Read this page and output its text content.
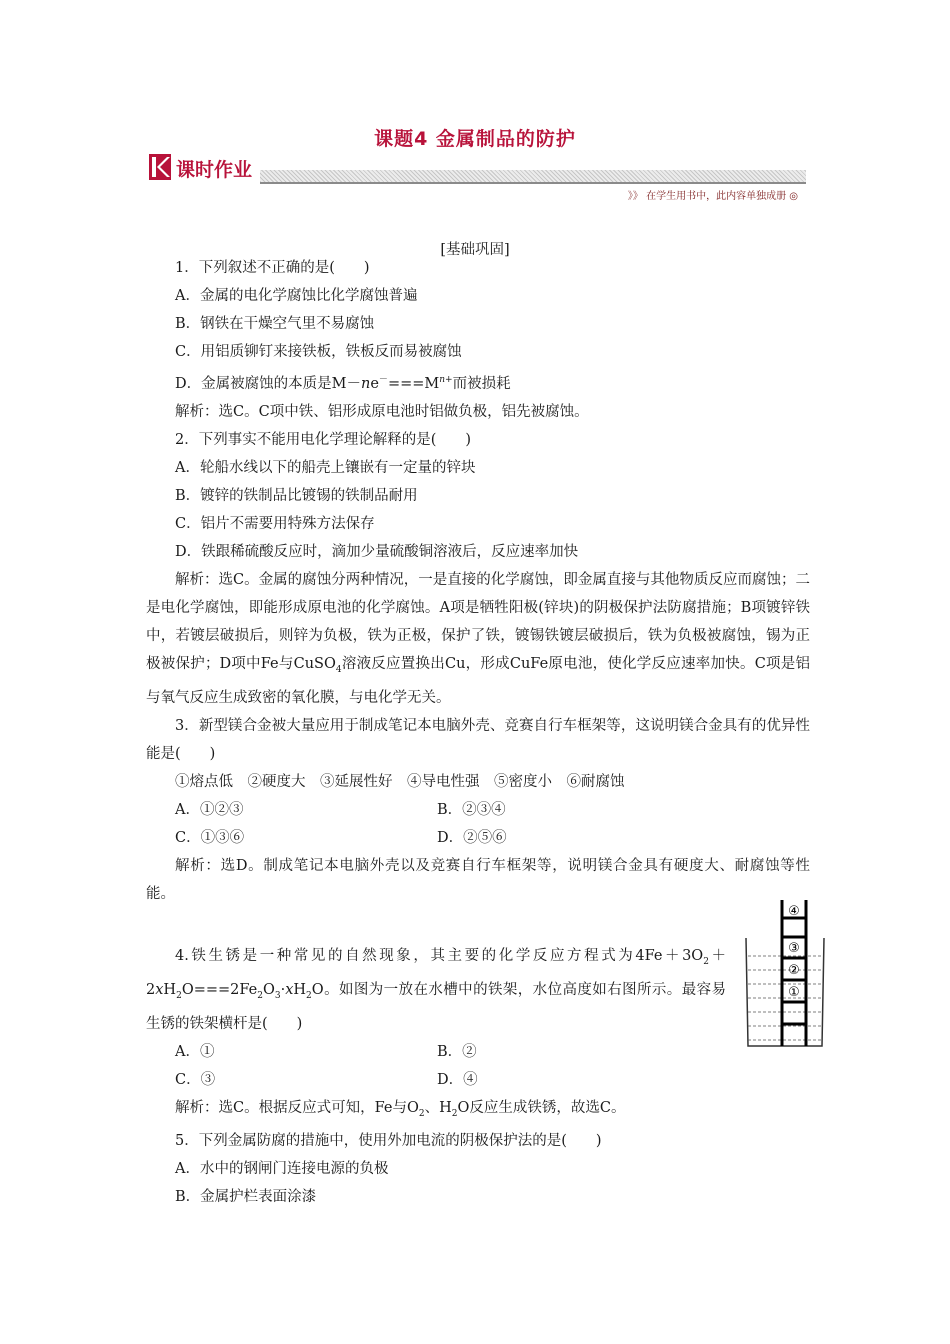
课题4 金属制品的防护
课时作业
》》 在学生用书中，此内容单独成册 ◎
[基础巩固]
1．下列叙述不正确的是(　　)
A．金属的电化学腐蚀比化学腐蚀普遍
B．钢铁在干燥空气里不易腐蚀
C．用铝质铆钉来接铁板，铁板反而易被腐蚀
D．金属被腐蚀的本质是$M-ne^-===M^{n+}$而被损耗
解析：选C。C项中铁、铝形成原电池时铝做负极，铝先被腐蚀。
2．下列事实不能用电化学理论解释的是(　　)
A．轮船水线以下的船壳上镶嵌有一定量的锌块
B．镀锌的铁制品比镀锡的铁制品耐用
C．铝片不需要用特殊方法保存
D．铁跟稀硫酸反应时，滴加少量硫酸铜溶液后，反应速率加快
解析：选C。金属的腐蚀分两种情况，一是直接的化学腐蚀，即金属直接与其他物质反应而腐蚀；二是电化学腐蚀，即能形成原电池的化学腐蚀。A项是牺牲阳极(锌块)的阴极保护法防腐措施；B项镀锌铁中，若镀层破损后，则锌为负极，铁为正极，保护了铁，镀锡铁镀层破损后，铁为负极被腐蚀，锡为正极被保护；D项中Fe与CuSO$_4$溶液反应置换出Cu，形成CuFe原电池，使化学反应速率加快。C项是铝与氧气反应生成致密的氧化膜，与电化学无关。
3．新型镁合金被大量应用于制成笔记本电脑外壳、竞赛自行车框架等，这说明镁合金具有的优异性能是(　　)
①熔点低　②硬度大　③延展性好　④导电性强　⑤密度小　⑥耐腐蚀
A．①②③	B．②③④
C．①③⑥	D．②⑤⑥
解析：选D。制成笔记本电脑外壳以及竞赛自行车框架等，说明镁合金具有硬度大、耐腐蚀等性能。
4.铁生锈是一种常见的自然现象，其主要的化学反应方程式为$4Fe+3O_2+2xH_2O===2Fe_2O_3\cdot xH_2O$。如图为一放在水槽中的铁架，水位高度如右图所示。最容易生锈的铁架横杆是(　　)
A．①	B．②
C．③	D．④
解析：选C。根据反应式可知，Fe与$O_2$、$H_2O$反应生成铁锈，故选C。
5．下列金属防腐的措施中，使用外加电流的阴极保护法的是(　　)
A．水中的钢闸门连接电源的负极
B．金属护栏表面涂漆
④
③
②
①
